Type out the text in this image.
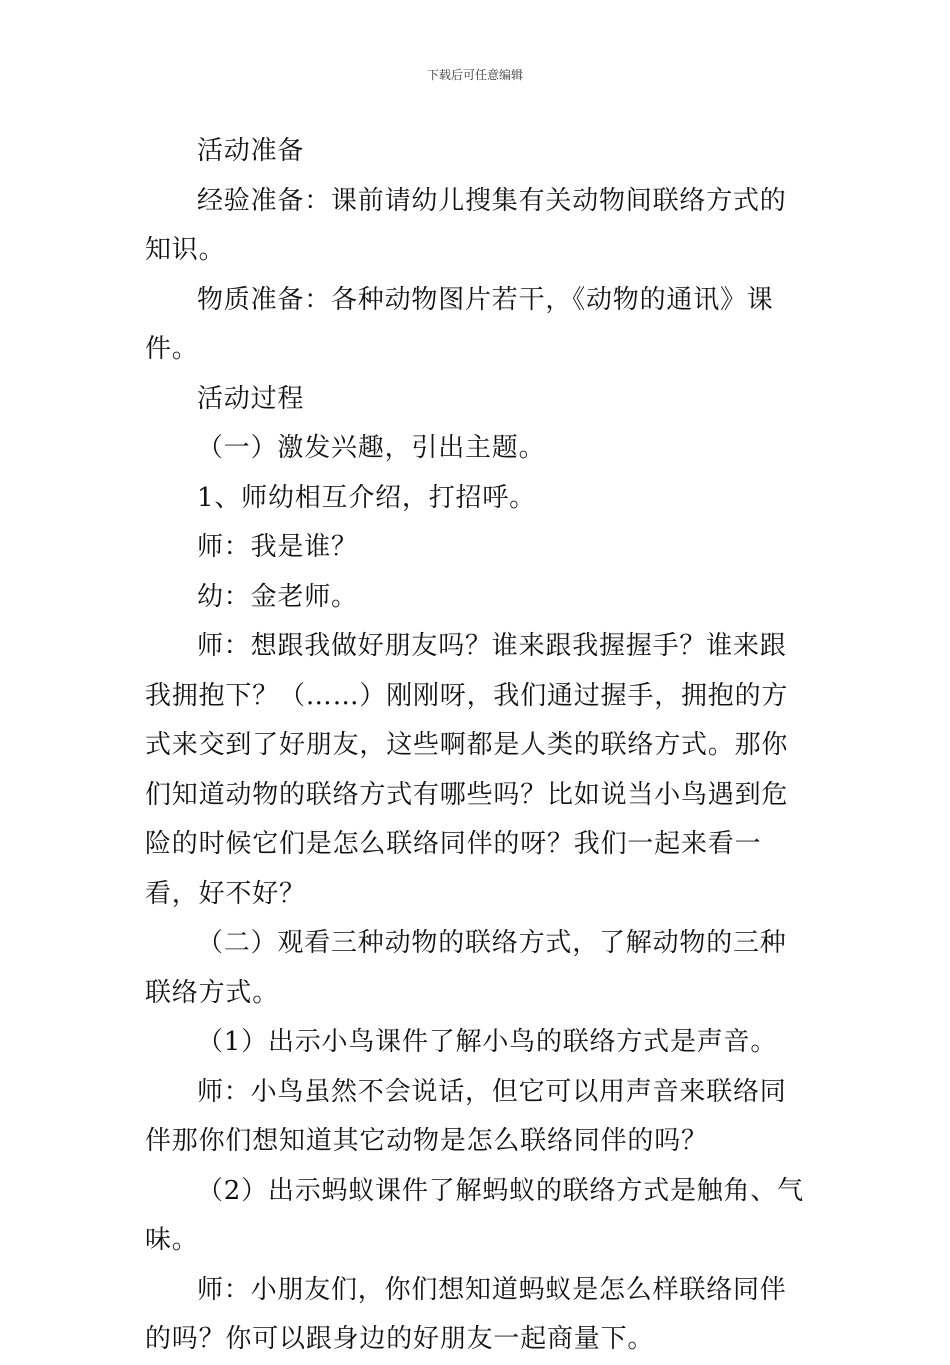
下载后可任意编辑

活动准备

经验准备：课前请幼儿搜集有关动物间联络方式的知识。

物质准备：各种动物图片若干，《动物的通讯》课件。

活动过程

（一）激发兴趣，引出主题。

1、师幼相互介绍，打招呼。

师：我是谁？

幼：金老师。

师：想跟我做好朋友吗？谁来跟我握握手？谁来跟我拥抱下？（……）刚刚呀，我们通过握手，拥抱的方式来交到了好朋友，这些啊都是人类的联络方式。那你们知道动物的联络方式有哪些吗？比如说当小鸟遇到危险的时候它们是怎么联络同伴的呀？我们一起来看一看，好不好？

（二）观看三种动物的联络方式，了解动物的三种联络方式。

（1）出示小鸟课件了解小鸟的联络方式是声音。

师：小鸟虽然不会说话，但它可以用声音来联络同伴那你们想知道其它动物是怎么联络同伴的吗？

（2）出示蚂蚁课件了解蚂蚁的联络方式是触角、气味。

师：小朋友们，你们想知道蚂蚁是怎么样联络同伴的吗？你可以跟身边的好朋友一起商量下。
